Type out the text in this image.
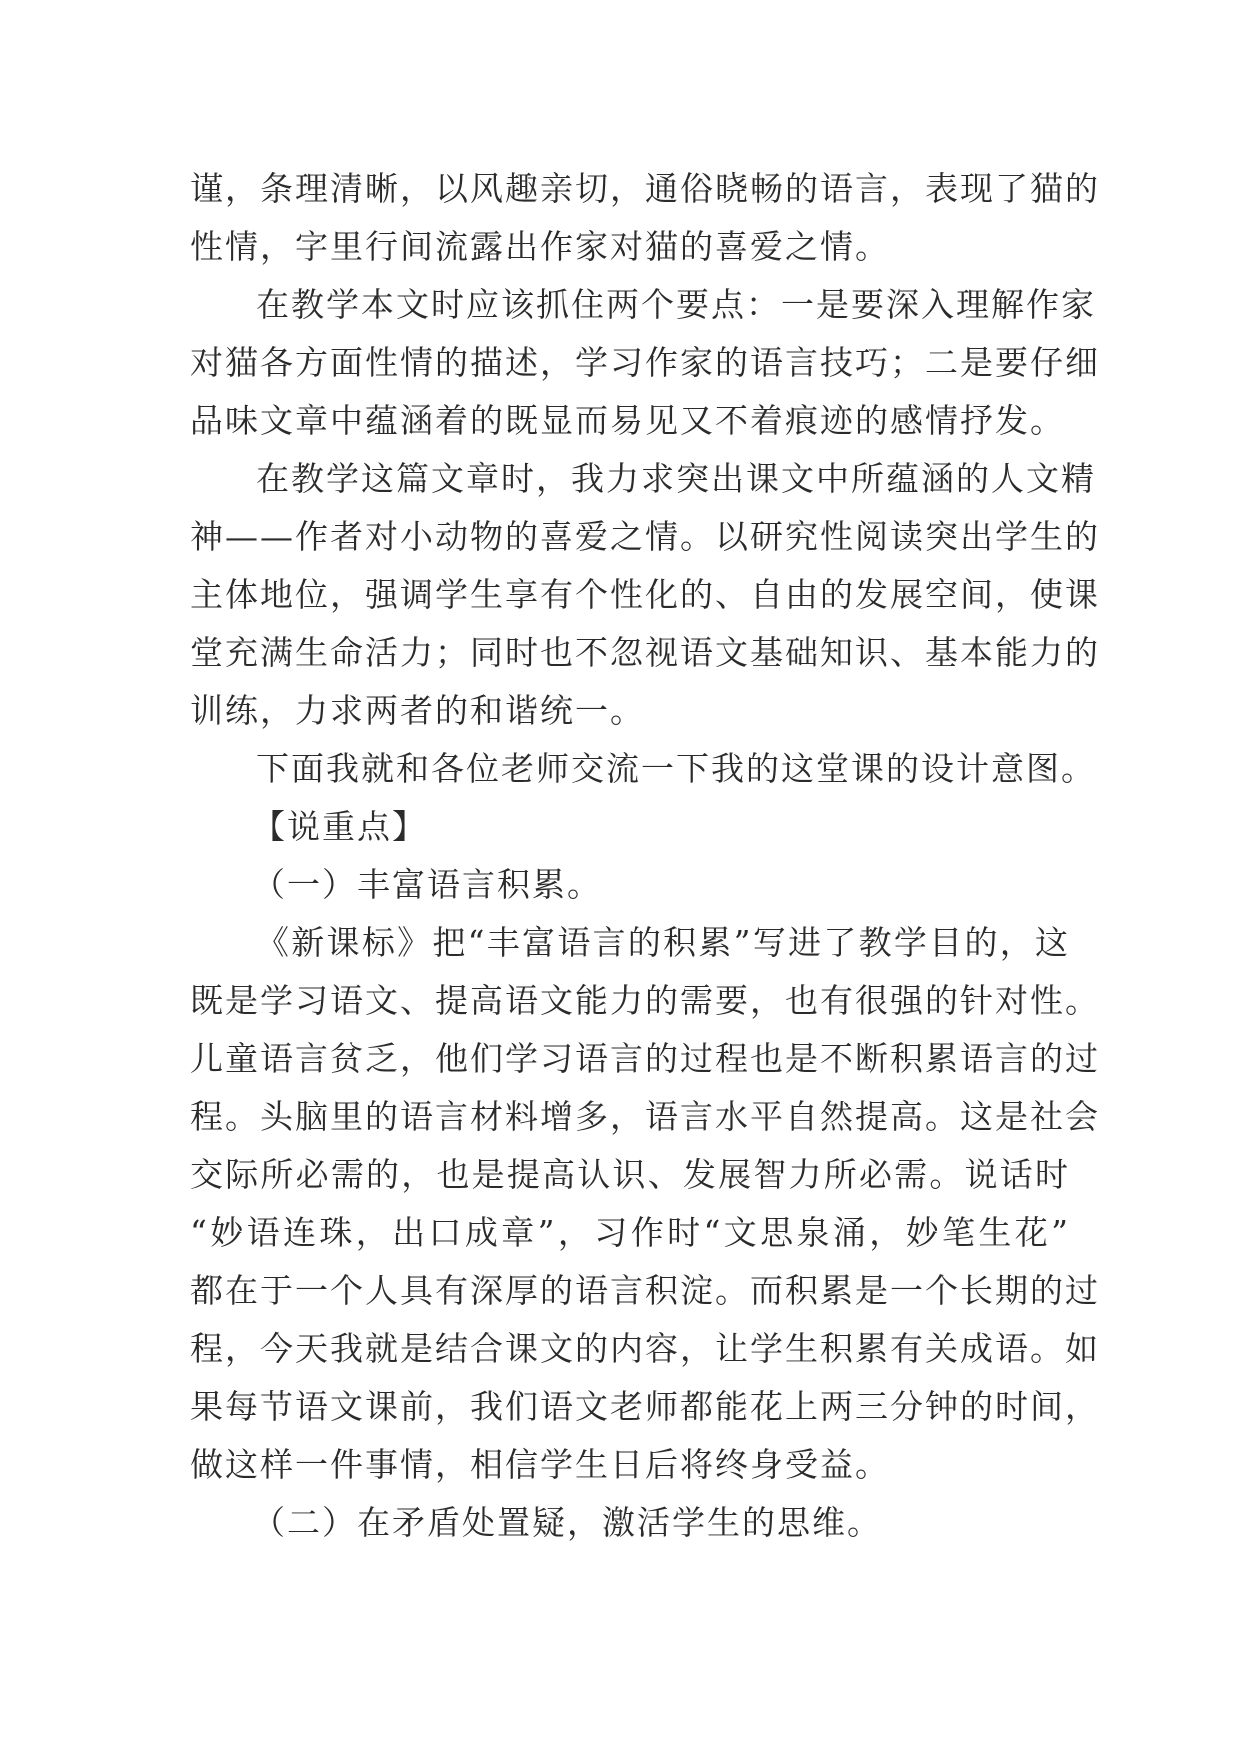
谨，条理清晰，以风趣亲切，通俗晓畅的语言，表现了猫的
性情，字里行间流露出作家对猫的喜爱之情。
在教学本文时应该抓住两个要点：一是要深入理解作家
对猫各方面性情的描述，学习作家的语言技巧；二是要仔细
品味文章中蕴涵着的既显而易见又不着痕迹的感情抒发。
在教学这篇文章时，我力求突出课文中所蕴涵的人文精
神——作者对小动物的喜爱之情。以研究性阅读突出学生的
主体地位，强调学生享有个性化的、自由的发展空间，使课
堂充满生命活力；同时也不忽视语文基础知识、基本能力的
训练，力求两者的和谐统一。
下面我就和各位老师交流一下我的这堂课的设计意图。
【说重点】
（一）丰富语言积累。
《新课标》把“丰富语言的积累”写进了教学目的，这
既是学习语文、提高语文能力的需要，也有很强的针对性。
儿童语言贫乏，他们学习语言的过程也是不断积累语言的过
程。头脑里的语言材料增多，语言水平自然提高。这是社会
交际所必需的，也是提高认识、发展智力所必需。说话时
“妙语连珠，出口成章”，习作时“文思泉涌，妙笔生花”
都在于一个人具有深厚的语言积淀。而积累是一个长期的过
程，今天我就是结合课文的内容，让学生积累有关成语。如
果每节语文课前，我们语文老师都能花上两三分钟的时间，
做这样一件事情，相信学生日后将终身受益。
（二）在矛盾处置疑，激活学生的思维。
